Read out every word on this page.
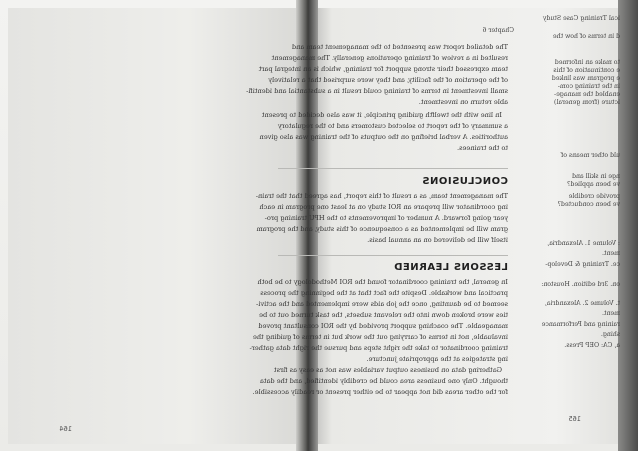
Chapter 6
The detailed report was presented to the management team and
resulted in a review of training operations generally. The management
team expressed their strong support for training, which is an integral part
of the operation of the facility, and they were surprised that a relatively
small investment in terms of training could result in a substantial and identifi-
able return on investment.
In line with the twelfth guiding principle, it was also decided to present
a summary of the report to selected customers and to the regulatory
authorities. A verbal briefing on the outputs of the training was also given
to the trainees.
CONCLUSIONS
The management team, as a result of this report, has agreed that the train-
ing coordinator will prepare an ROI study on at least one program in each
year going forward. A number of improvements to the HPU training pro-
gram will be implemented as a consequence of this study, and the program
itself will be delivered on an annual basis.
LESSONS LEARNED
In general, the training coordinator found the ROI Methodology to be both
practical and workable. Despite the fact that at the beginning the process
seemed to be daunting, once the job aids were implemented and the activi-
ties were broken down into the relevant subsets, the task turned out to be
manageable. The coaching support provided by the ROI consultant proved
invaluable, not in terms of carrying out the work but in terms of guiding the
training coordinator to take the right steps and pursue the right data gather-
ing strategies at the appropriate juncture.
Gathering data on business output variables was not as easy as first
thought. Only one business area could be credibly identified, and the data
for the other areas did not appear to be either present or readily accessible.
ical Training Case Study
d in terms of how the
to make an informed
e continuation of this
e program was linked
in the training com-
enabled the manage-
icture (from general)
uld other means of
nge in skill and
ve been applied?
provide credible
ve been conducted?
: Volume 1. Alexandria,
ment.
ce. Training & Develop-
on. 3rd edition. Houston:
t. Volume 2. Alexandria,
ment.
raining and Performance
shing.
a, CA: OEP Press.
164
165
